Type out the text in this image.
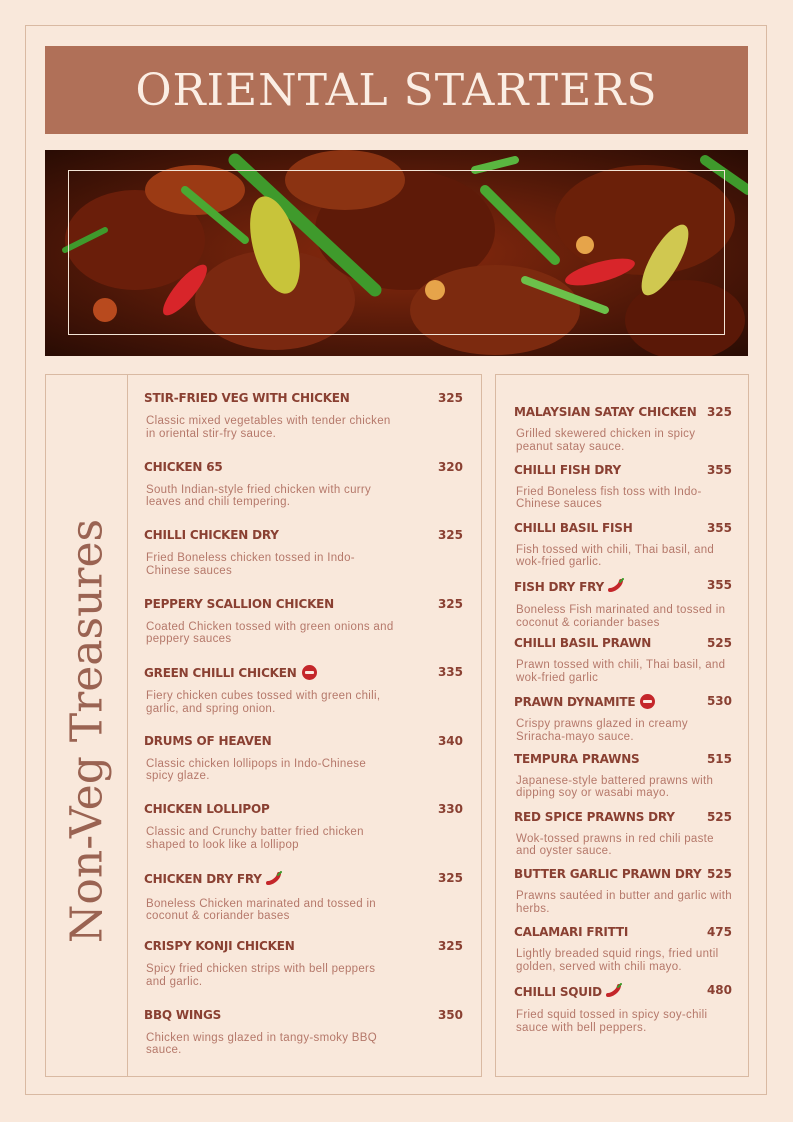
ORIENTAL STARTERS
Non-Veg Treasures
STIR-FRIED VEG WITH CHICKEN	325
Classic mixed vegetables with tender chicken in oriental stir-fry sauce.
CHICKEN 65	320
South Indian-style fried chicken with curry leaves and chili tempering.
CHILLI CHICKEN DRY	325
Fried Boneless chicken tossed in Indo-Chinese sauces
PEPPERY SCALLION CHICKEN	325
Coated Chicken tossed with green onions and peppery sauces
GREEN CHILLI CHICKEN	335
Fiery chicken cubes tossed with green chili, garlic, and spring onion.
DRUMS OF HEAVEN	340
Classic chicken lollipops in Indo-Chinese spicy glaze.
CHICKEN LOLLIPOP	330
Classic and Crunchy batter fried chicken shaped to look like a lollipop
CHICKEN DRY FRY	325
Boneless Chicken marinated and tossed in coconut & coriander bases
CRISPY KONJI CHICKEN	325
Spicy fried chicken strips with bell peppers and garlic.
BBQ WINGS	350
Chicken wings glazed in tangy-smoky BBQ sauce.
MALAYSIAN SATAY CHICKEN 325
Grilled skewered chicken in spicy peanut satay sauce.
CHILLI FISH DRY	355
Fried Boneless fish toss with Indo-Chinese sauces
CHILLI BASIL FISH	355
Fish tossed with chili, Thai basil, and wok-fried garlic.
FISH DRY FRY	355
Boneless Fish marinated and tossed in coconut & coriander bases
CHILLI BASIL PRAWN	525
Prawn tossed with chili, Thai basil, and wok-fried garlic
PRAWN DYNAMITE	530
Crispy prawns glazed in creamy Sriracha-mayo sauce.
TEMPURA PRAWNS	515
Japanese-style battered prawns with dipping soy or wasabi mayo.
RED SPICE PRAWNS DRY	525
Wok-tossed prawns in red chili paste and oyster sauce.
BUTTER GARLIC PRAWN DRY 525
Prawns sautéed in butter and garlic with herbs.
CALAMARI FRITTI	475
Lightly breaded squid rings, fried until golden, served with chili mayo.
CHILLI SQUID	480
Fried squid tossed in spicy soy-chili sauce with bell peppers.
